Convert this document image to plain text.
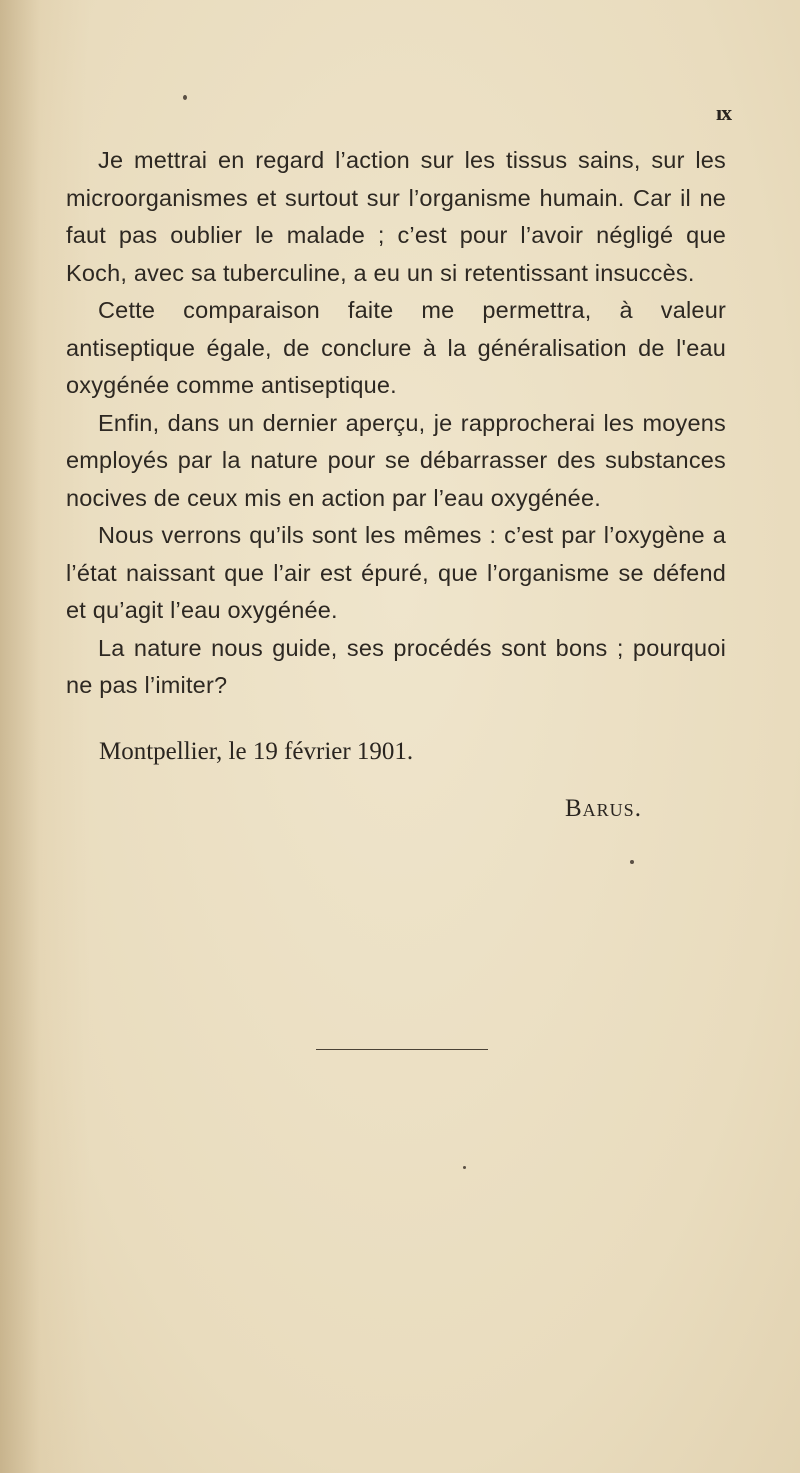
ıx

Je mettrai en regard l’action sur les tissus sains, sur les microorganismes et surtout sur l’organisme humain. Car il ne faut pas oublier le malade ; c’est pour l’avoir négligé que Koch, avec sa tuberculine, a eu un si retentissant insuccès.

Cette comparaison faite me permettra, à valeur antiseptique égale, de conclure à la généralisation de l'eau oxygénée comme antiseptique.

Enfin, dans un dernier aperçu, je rapprocherai les moyens employés par la nature pour se débarrasser des substances nocives de ceux mis en action par l’eau oxygénée.

Nous verrons qu’ils sont les mêmes : c’est par l’oxygène a l’état naissant que l’air est épuré, que l’organisme se défend et qu’agit l’eau oxygénée.

La nature nous guide, ses procédés sont bons ; pourquoi ne pas l’imiter?

Montpellier, le 19 février 1901.
Barus.
